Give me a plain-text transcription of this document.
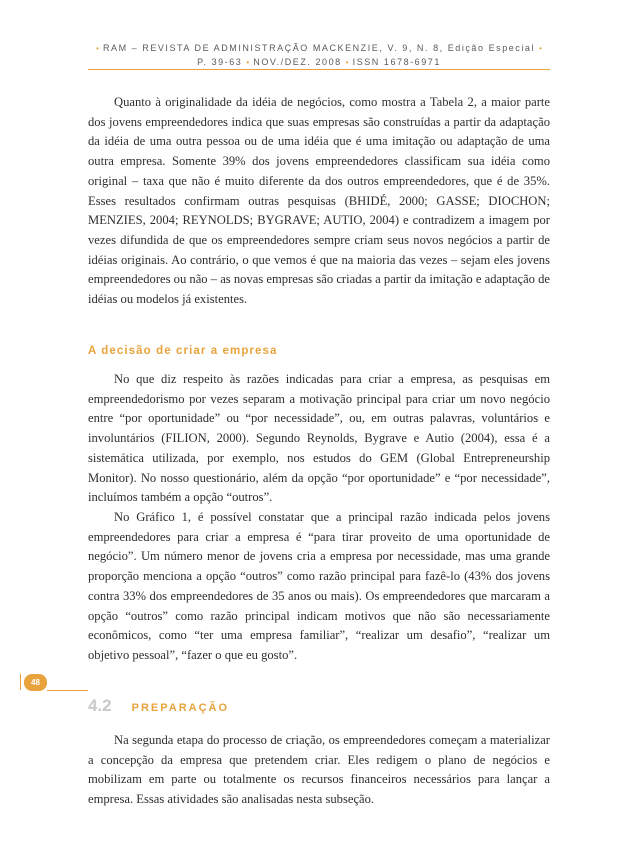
• RAM – REVISTA DE ADMINISTRAÇÃO MACKENZIE, V. 9, N. 8, Edição Especial •
P. 39-63 • NOV./DEZ. 2008 • ISSN 1678-6971

Quanto à originalidade da idéia de negócios, como mostra a Tabela 2, a maior parte dos jovens empreendedores indica que suas empresas são construídas a partir da adaptação da idéia de uma outra pessoa ou de uma idéia que é uma imitação ou adaptação de uma outra empresa. Somente 39% dos jovens empreendedores classificam sua idéia como original – taxa que não é muito diferente da dos outros empreendedores, que é de 35%. Esses resultados confirmam outras pesquisas (BHIDÉ, 2000; GASSE; DIOCHON; MENZIES, 2004; REYNOLDS; BYGRAVE; AUTIO, 2004) e contradizem a imagem por vezes difundida de que os empreendedores sempre criam seus novos negócios a partir de idéias originais. Ao contrário, o que vemos é que na maioria das vezes – sejam eles jovens empreendedores ou não – as novas empresas são criadas a partir da imitação e adaptação de idéias ou modelos já existentes.

A decisão de criar a empresa

No que diz respeito às razões indicadas para criar a empresa, as pesquisas em empreendedorismo por vezes separam a motivação principal para criar um novo negócio entre “por oportunidade” ou “por necessidade”, ou, em outras palavras, voluntários e involuntários (FILION, 2000). Segundo Reynolds, Bygrave e Autio (2004), essa é a sistemática utilizada, por exemplo, nos estudos do GEM (Global Entrepreneurship Monitor). No nosso questionário, além da opção “por oportunidade” e “por necessidade”, incluímos também a opção “outros”.

No Gráfico 1, é possível constatar que a principal razão indicada pelos jovens empreendedores para criar a empresa é “para tirar proveito de uma oportunidade de negócio”. Um número menor de jovens cria a empresa por necessidade, mas uma grande proporção menciona a opção “outros” como razão principal para fazê-lo (43% dos jovens contra 33% dos empreendedores de 35 anos ou mais). Os empreendedores que marcaram a opção “outros” como razão principal indicam motivos que não são necessariamente econômicos, como “ter uma empresa familiar”, “realizar um desafio”, “realizar um objetivo pessoal”, “fazer o que eu gosto”.

48
4.2 PREPARAÇÃO

Na segunda etapa do processo de criação, os empreendedores começam a materializar a concepção da empresa que pretendem criar. Eles redigem o plano de negócios e mobilizam em parte ou totalmente os recursos financeiros necessários para lançar a empresa. Essas atividades são analisadas nesta subseção.
